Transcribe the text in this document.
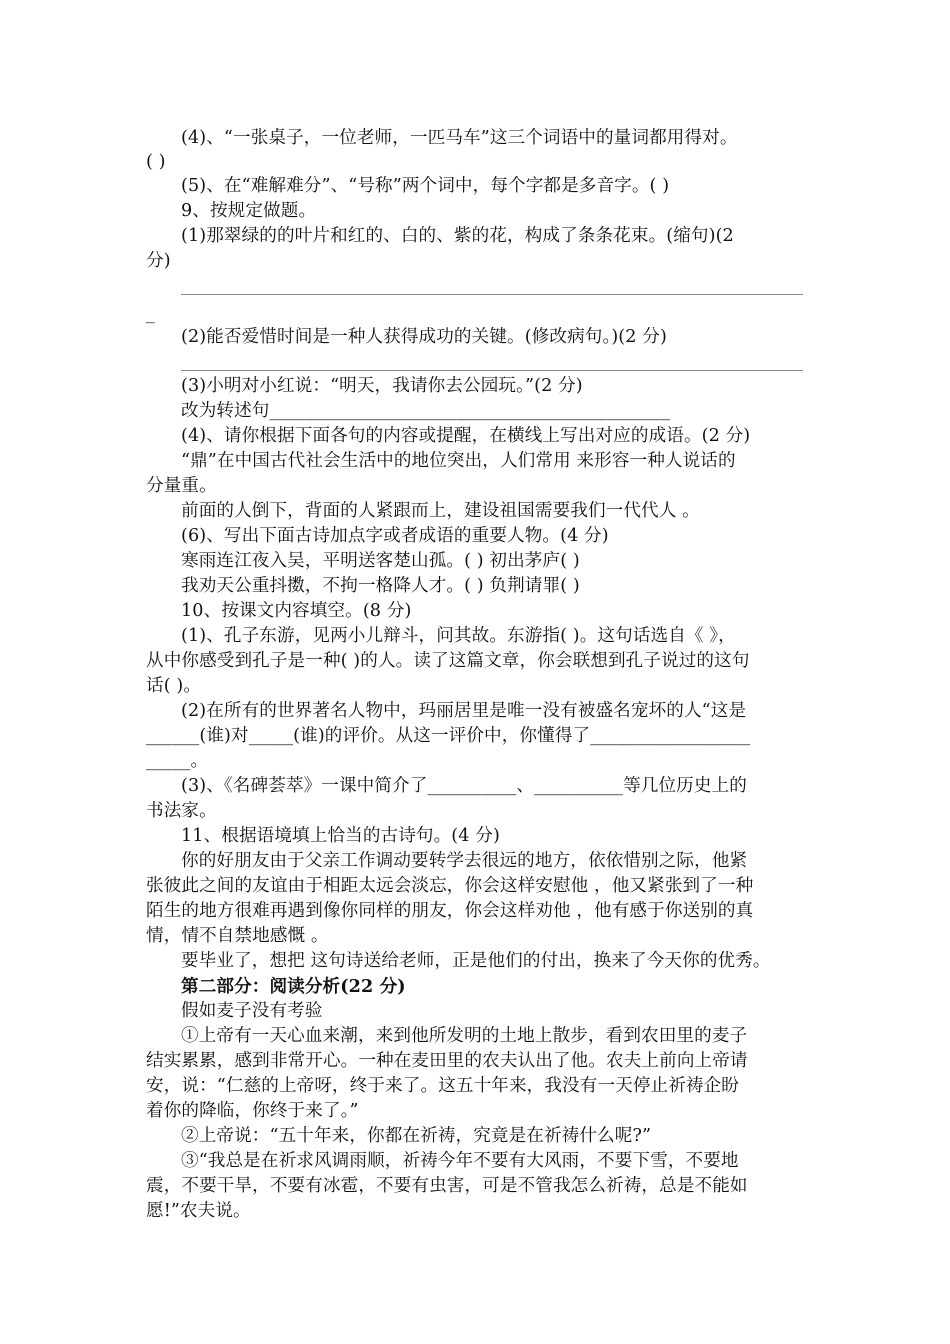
(4)、“一张桌子，一位老师，一匹马车”这三个词语中的量词都用得对。
( )
(5)、在“难解难分”、“号称”两个词中，每个字都是多音字。( )
9、按规定做题。
(1)那翠绿的的叶片和红的、白的、紫的花，构成了条条花束。(缩句)(2
分)
_
(2)能否爱惜时间是一种人获得成功的关键。(修改病句。)(2 分)
(3)小明对小红说：“明天，我请你去公园玩。”(2 分)
改为转述句_____________________________________________
(4)、请你根据下面各句的内容或提醒，在横线上写出对应的成语。(2 分)
“鼎”在中国古代社会生活中的地位突出，人们常用 来形容一种人说话的
分量重。
前面的人倒下，背面的人紧跟而上，建设祖国需要我们一代代人 。
(6)、写出下面古诗加点字或者成语的重要人物。(4 分)
寒雨连江夜入吴，平明送客楚山孤。( ) 初出茅庐( )
我劝天公重抖擞，不拘一格降人才。( ) 负荆请罪( )
10、按课文内容填空。(8 分)
(1)、孔子东游，见两小儿辩斗，问其故。东游指( )。这句话选自《 》，
从中你感受到孔子是一种( )的人。读了这篇文章，你会联想到孔子说过的这句
话( )。
(2)在所有的世界著名人物中，玛丽居里是唯一没有被盛名宠坏的人“这是
______(谁)对_____(谁)的评价。从这一评价中，你懂得了__________________
_____。
(3)、《名碑荟萃》一课中简介了__________、__________等几位历史上的
书法家。
11、根据语境填上恰当的古诗句。(4 分)
你的好朋友由于父亲工作调动要转学去很远的地方，依依惜别之际，他紧
张彼此之间的友谊由于相距太远会淡忘，你会这样安慰他 ，他又紧张到了一种
陌生的地方很难再遇到像你同样的朋友，你会这样劝他 ，他有感于你送别的真
情，情不自禁地感慨 。
要毕业了，想把 这句诗送给老师，正是他们的付出，换来了今天你的优秀。
第二部分：阅读分析(22 分)
假如麦子没有考验
①上帝有一天心血来潮，来到他所发明的土地上散步，看到农田里的麦子
结实累累，感到非常开心。一种在麦田里的农夫认出了他。农夫上前向上帝请
安，说：“仁慈的上帝呀，终于来了。这五十年来，我没有一天停止祈祷企盼
着你的降临，你终于来了。”
②上帝说：“五十年来，你都在祈祷，究竟是在祈祷什么呢?”
③“我总是在祈求风调雨顺，祈祷今年不要有大风雨，不要下雪，不要地
震，不要干旱，不要有冰雹，不要有虫害，可是不管我怎么祈祷，总是不能如
愿!”农夫说。
